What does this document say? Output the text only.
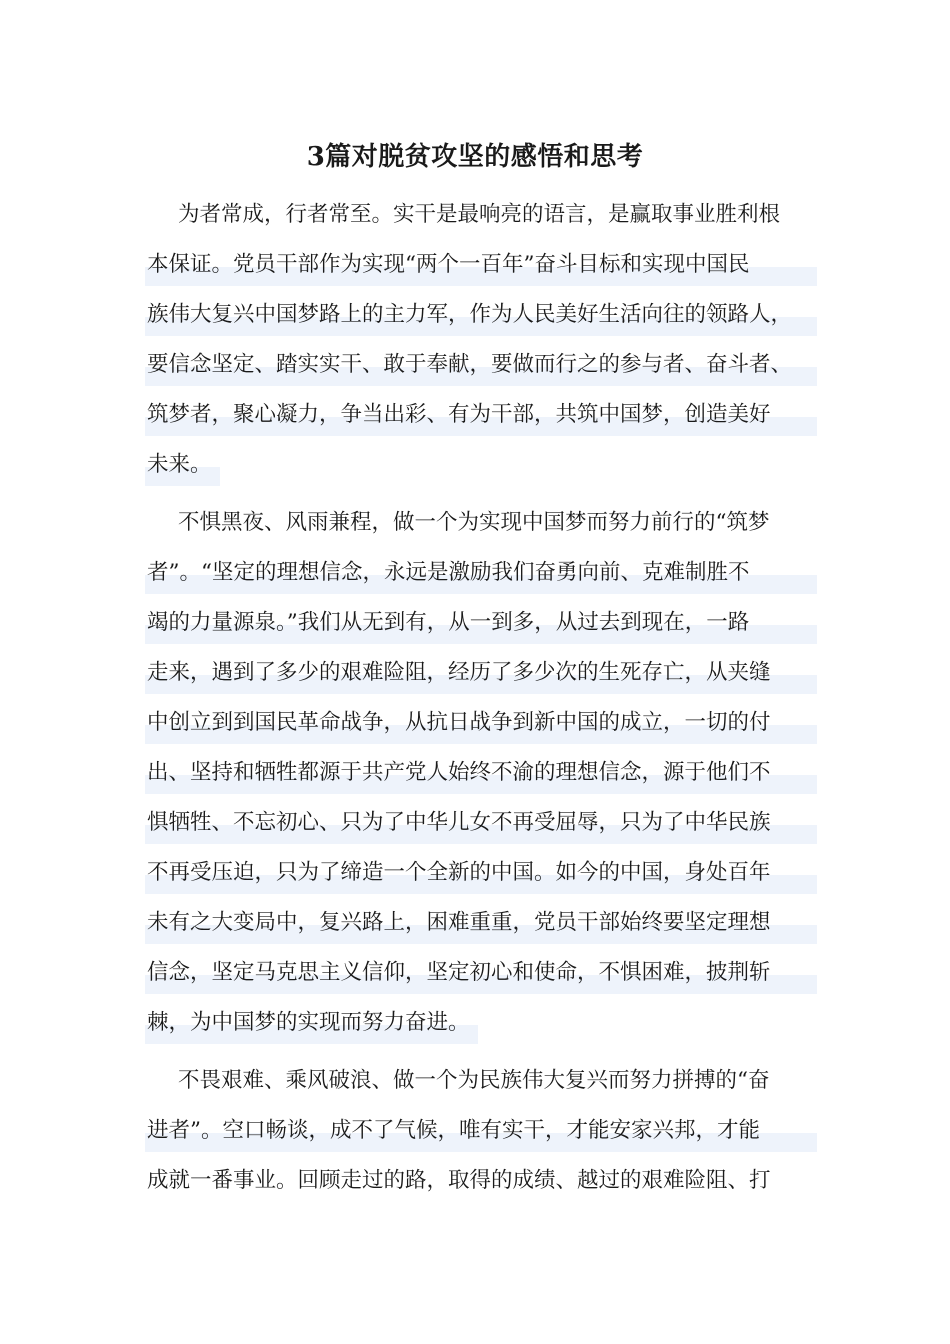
3篇对脱贫攻坚的感悟和思考
为者常成，行者常至。实干是最响亮的语言，是赢取事业胜利根
本保证。党员干部作为实现“两个一百年”奋斗目标和实现中国民
族伟大复兴中国梦路上的主力军，作为人民美好生活向往的领路人，
要信念坚定、踏实实干、敢于奉献，要做而行之的参与者、奋斗者、
筑梦者，聚心凝力，争当出彩、有为干部，共筑中国梦，创造美好
未来。
不惧黑夜、风雨兼程，做一个为实现中国梦而努力前行的“筑梦
者”。“坚定的理想信念，永远是激励我们奋勇向前、克难制胜不
竭的力量源泉。”我们从无到有，从一到多，从过去到现在，一路
走来，遇到了多少的艰难险阻，经历了多少次的生死存亡，从夹缝
中创立到到国民革命战争，从抗日战争到新中国的成立，一切的付
出、坚持和牺牲都源于共产党人始终不渝的理想信念，源于他们不
惧牺牲、不忘初心、只为了中华儿女不再受屈辱，只为了中华民族
不再受压迫，只为了缔造一个全新的中国。如今的中国，身处百年
未有之大变局中，复兴路上，困难重重，党员干部始终要坚定理想
信念，坚定马克思主义信仰，坚定初心和使命，不惧困难，披荆斩
棘，为中国梦的实现而努力奋进。
不畏艰难、乘风破浪、做一个为民族伟大复兴而努力拼搏的“奋
进者”。空口畅谈，成不了气候，唯有实干，才能安家兴邦，才能
成就一番事业。回顾走过的路，取得的成绩、越过的艰难险阻、打
